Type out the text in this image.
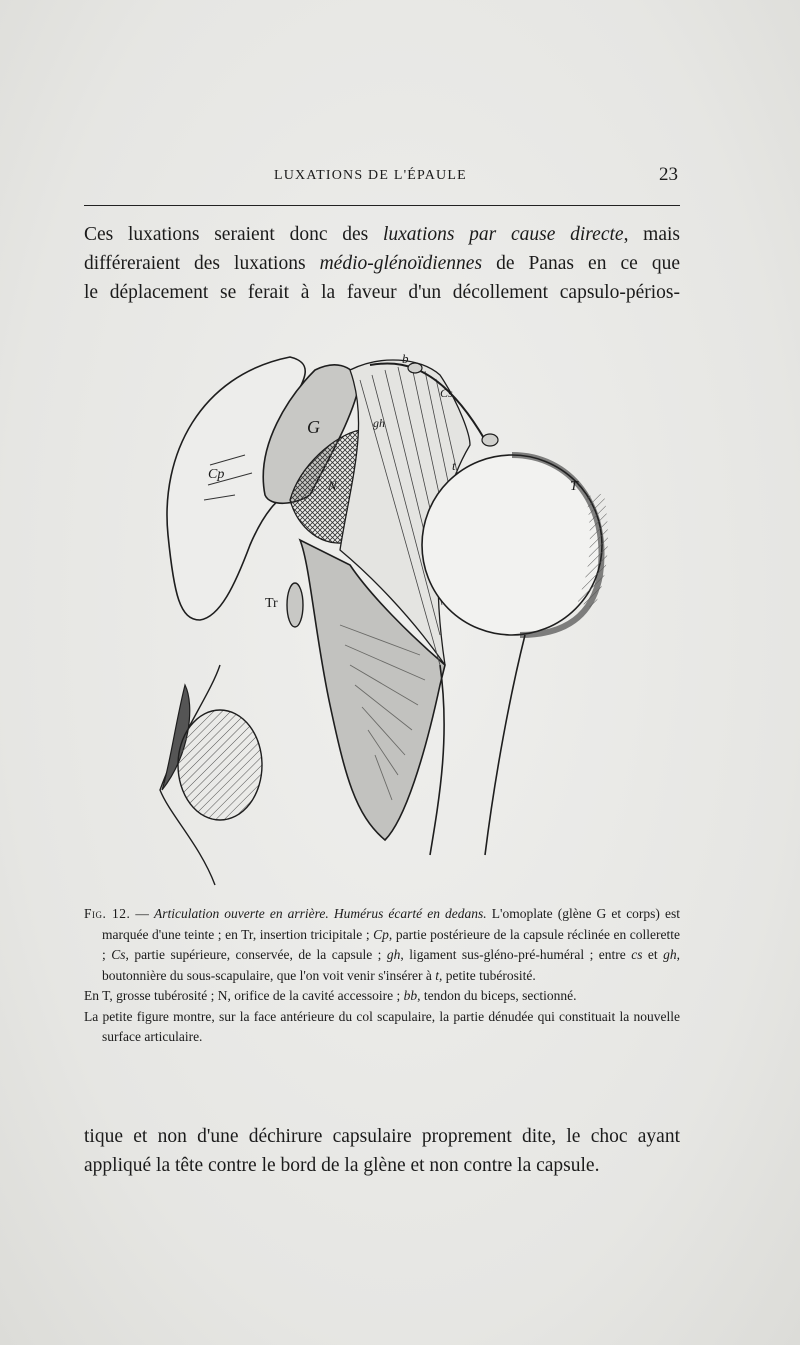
LUXATIONS DE L'ÉPAULE	23
Ces luxations seraient donc des luxations par cause directe, mais
différeraient des luxations médio-glénoïdiennes de Panas en ce que
le déplacement se ferait à la faveur d'un décollement capsulo-périos-
G
Cp
Tr
T
Cs
gh
N
t
b
Fig. 12. — Articulation ouverte en arrière. Humérus écarté en dedans. L'omoplate (glène G et corps) est marquée d'une teinte ; en Tr, insertion tricipitale ; Cp, partie postérieure de la capsule réclinée en collerette ; Cs, partie supérieure, conservée, de la capsule ; gh, ligament sus-gléno-pré-huméral ; entre cs et gh, boutonnière du sous-scapulaire, que l'on voit venir s'insérer à t, petite tubérosité.
En T, grosse tubérosité ; N, orifice de la cavité accessoire ; bb, tendon du biceps, sectionné.
La petite figure montre, sur la face antérieure du col scapulaire, la partie dénudée qui constituait la nouvelle surface articulaire.
tique et non d'une déchirure capsulaire proprement dite, le choc ayant
appliqué la tête contre le bord de la glène et non contre la capsule.
